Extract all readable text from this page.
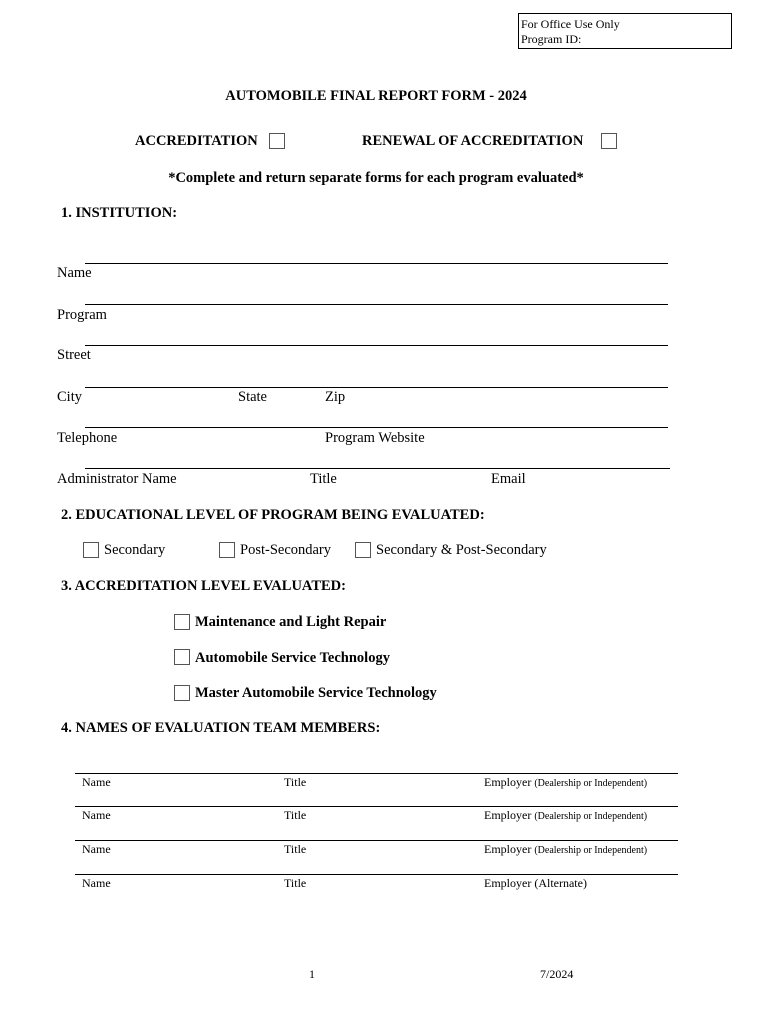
For Office Use Only
Program ID:
AUTOMOBILE FINAL REPORT FORM - 2024
ACCREDITATION	RENEWAL OF ACCREDITATION
*Complete and return separate forms for each program evaluated*
1. INSTITUTION:
Name
Program
Street
City	State	Zip
Telephone	Program Website
Administrator Name	Title	Email
2. EDUCATIONAL LEVEL OF PROGRAM BEING EVALUATED:
Secondary	Post-Secondary	Secondary & Post-Secondary
3. ACCREDITATION LEVEL EVALUATED:
Maintenance and Light Repair
Automobile Service Technology
Master Automobile Service Technology
4. NAMES OF EVALUATION TEAM MEMBERS:
Name	Title	Employer (Dealership or Independent)
Name	Title	Employer (Dealership or Independent)
Name	Title	Employer (Dealership or Independent)
Name	Title	Employer (Alternate)
1	7/2024
